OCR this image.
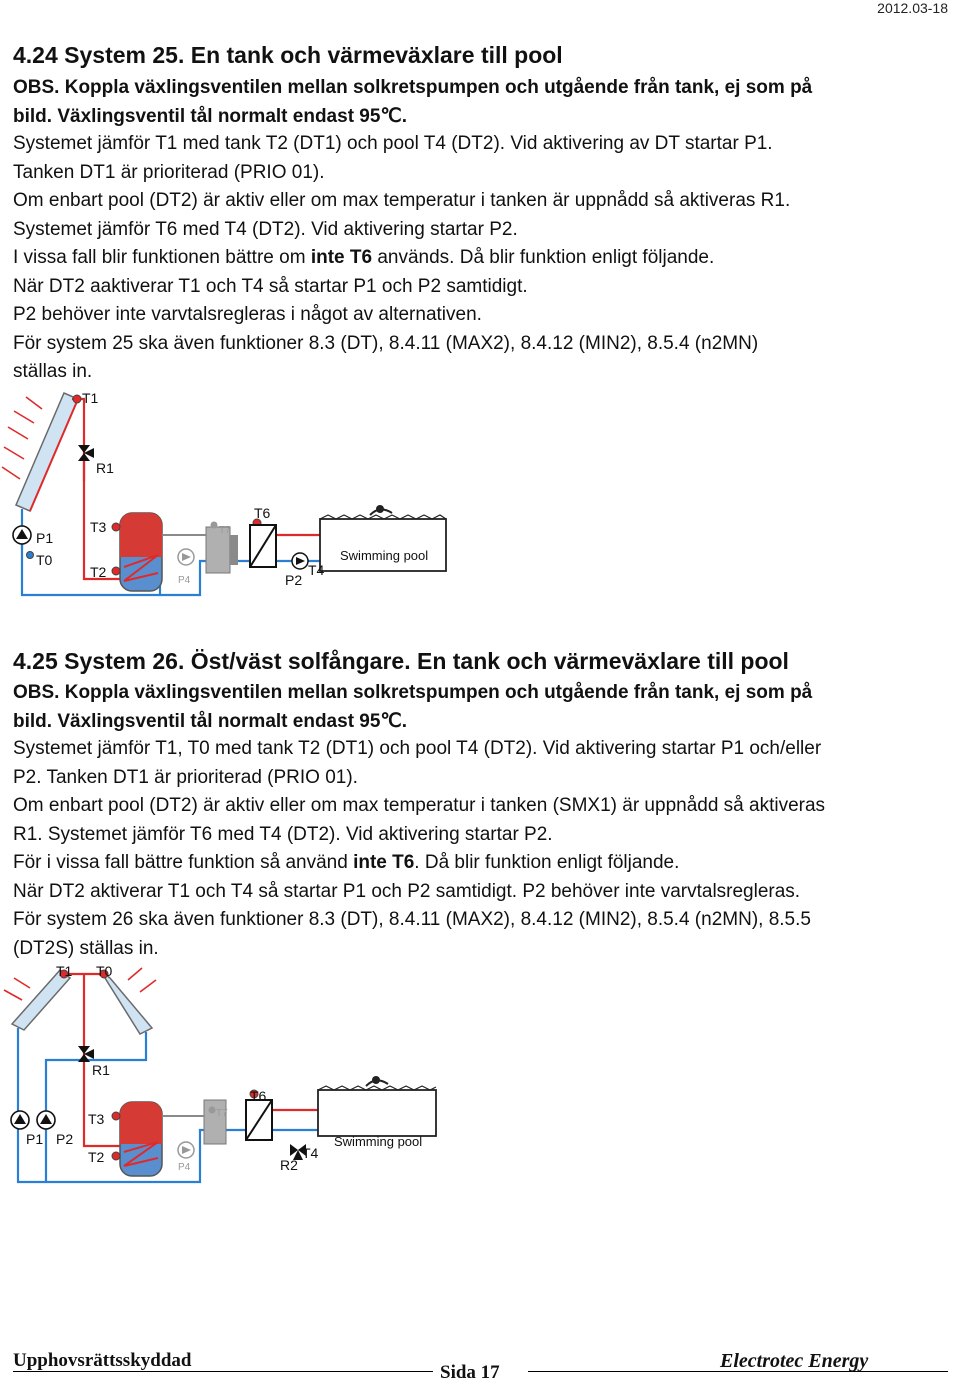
2012.03-18
4.24 System 25. En tank och värmeväxlare till pool
OBS. Koppla växlingsventilen mellan solkretspumpen och utgående från tank, ej som på
bild. Växlingsventil tål normalt endast 95℃.
Systemet jämför T1 med tank T2 (DT1) och pool T4 (DT2). Vid aktivering av DT startar P1.
Tanken DT1 är prioriterad (PRIO 01).
Om enbart pool (DT2) är aktiv eller om max temperatur i tanken är uppnådd så aktiveras R1.
Systemet jämför T6 med T4 (DT2). Vid aktivering startar P2.
I vissa fall blir funktionen bättre om inte T6 används. Då blir funktion enligt följande.
När DT2 aaktiverar T1 och T4 så startar P1 och P2 samtidigt.
P2 behöver inte varvtalsregleras i något av alternativen.
För system 25 ska även funktioner 8.3 (DT), 8.4.11 (MAX2), 8.4.12 (MIN2), 8.5.4 (n2MN)
ställas in.
T1
R1
P1
T0
T3
T2
T7
P4
T6
P2
T4
Swimming pool
4.25 System 26. Öst/väst solfångare. En tank och värmeväxlare till pool
OBS. Koppla växlingsventilen mellan solkretspumpen och utgående från tank, ej som på
bild. Växlingsventil tål normalt endast 95℃.
Systemet jämför T1, T0 med tank T2 (DT1) och pool T4 (DT2). Vid aktivering startar P1 och/eller
P2. Tanken DT1 är prioriterad (PRIO 01).
Om enbart pool (DT2) är aktiv eller om max temperatur i tanken (SMX1) är uppnådd så aktiveras
R1. Systemet jämför T6 med T4 (DT2). Vid aktivering startar P2.
För i vissa fall bättre funktion så använd inte T6. Då blir funktion enligt följande.
När DT2 aktiverar T1 och T4 så startar P1 och P2 samtidigt. P2 behöver inte varvtalsregleras.
För system 26 ska även funktioner 8.3 (DT), 8.4.11 (MAX2), 8.4.12 (MIN2), 8.5.4 (n2MN), 8.5.5
(DT2S) ställas in.
T1 T0
R1
P1 P2
T3
T2
T7
P4
T6
R2
T4
Swimming pool
Upphovsrättsskyddad
Sida 17
Electrotec Energy
